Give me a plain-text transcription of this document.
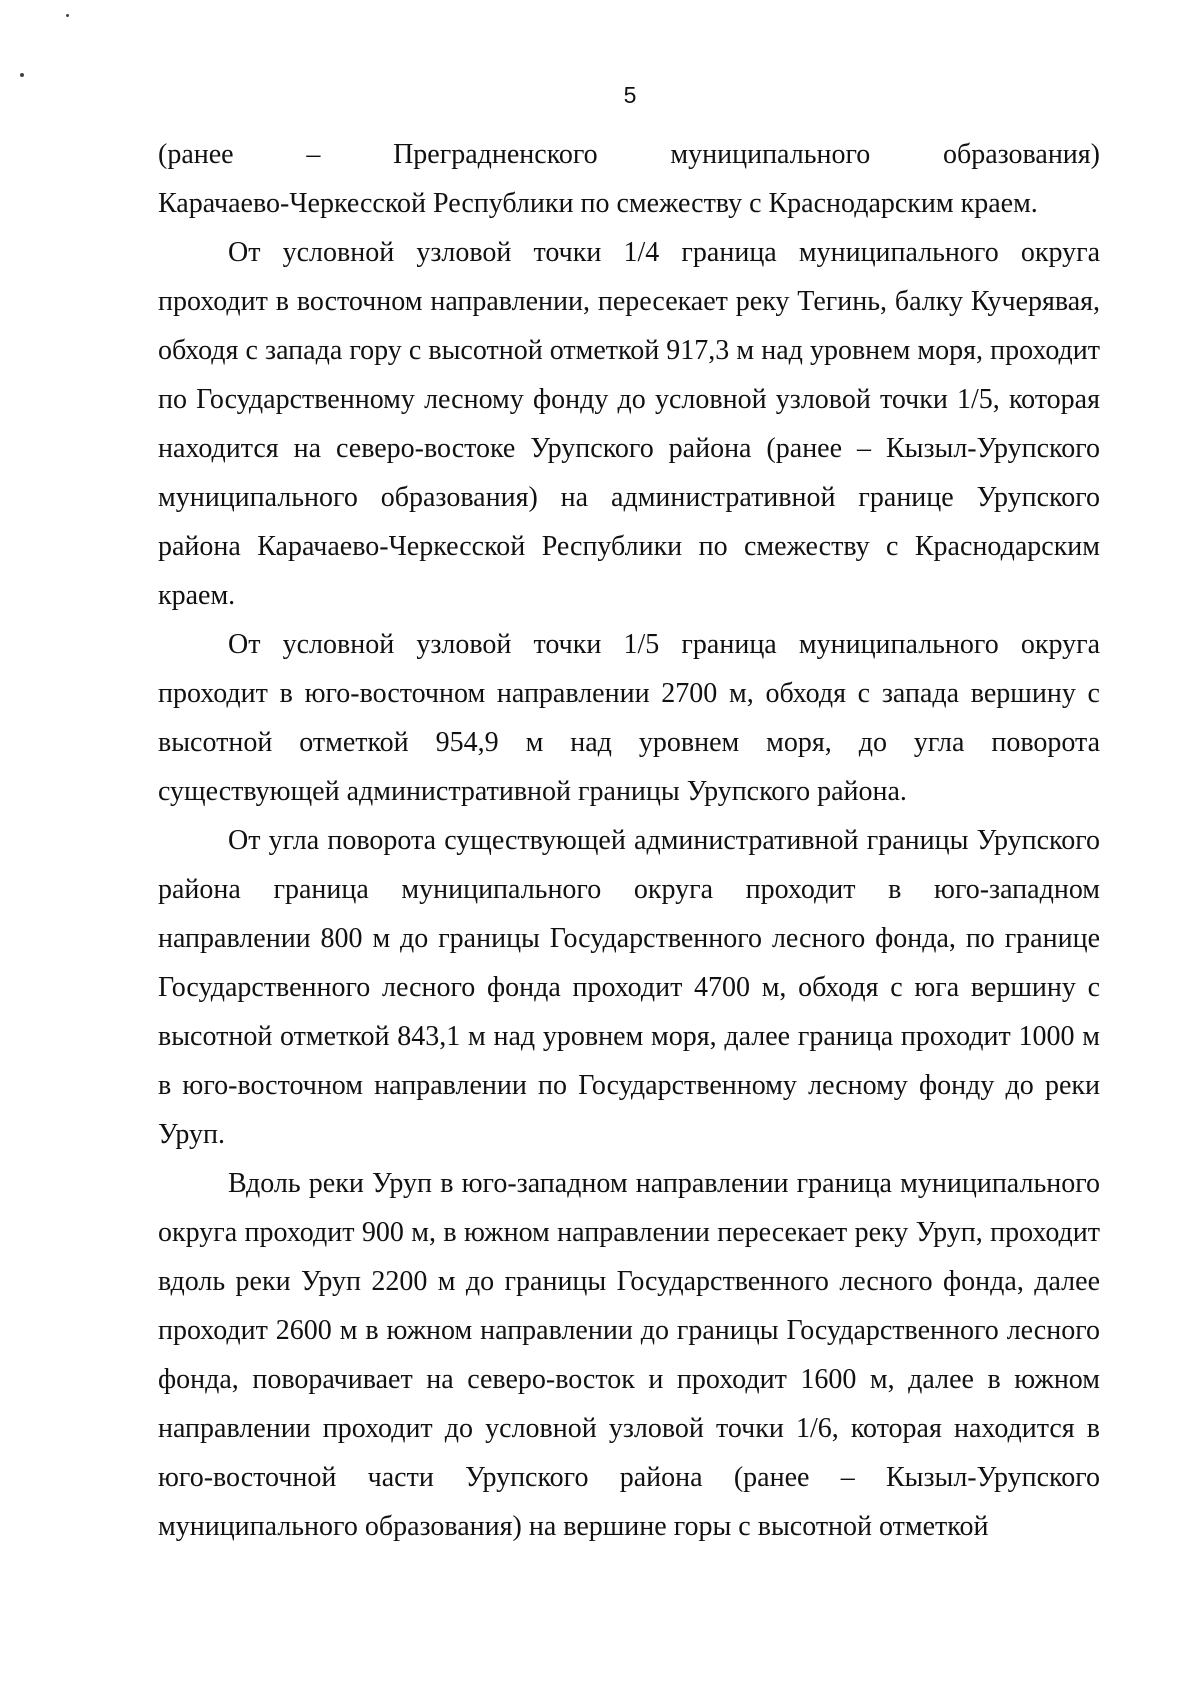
5

(ранее – Преградненского муниципального образования)
Карачаево-Черкесской Республики по смежеству с Краснодарским краем.

От условной узловой точки 1/4 граница муниципального округа
проходит в восточном направлении, пересекает реку Тегинь, балку Кучерявая,
обходя с запада гору с высотной отметкой 917,3 м над уровнем моря, проходит
по Государственному лесному фонду до условной узловой точки 1/5, которая
находится на северо-востоке Урупского района (ранее – Кызыл-Урупского
муниципального образования) на административной границе Урупского
района Карачаево-Черкесской Республики по смежеству с Краснодарским
краем.

От условной узловой точки 1/5 граница муниципального округа
проходит в юго-восточном направлении 2700 м, обходя с запада вершину с
высотной отметкой 954,9 м над уровнем моря, до угла поворота
существующей административной границы Урупского района.

От угла поворота существующей административной границы Урупского
района граница муниципального округа проходит в юго-западном
направлении 800 м до границы Государственного лесного фонда, по границе
Государственного лесного фонда проходит 4700 м, обходя с юга вершину с
высотной отметкой 843,1 м над уровнем моря, далее граница проходит 1000 м
в юго-восточном направлении по Государственному лесному фонду до реки
Уруп.

Вдоль реки Уруп в юго-западном направлении граница муниципального
округа проходит 900 м, в южном направлении пересекает реку Уруп, проходит
вдоль реки Уруп 2200 м до границы Государственного лесного фонда, далее
проходит 2600 м в южном направлении до границы Государственного лесного
фонда, поворачивает на северо-восток и проходит 1600 м, далее в южном
направлении проходит до условной узловой точки 1/6, которая находится в
юго-восточной части Урупского района (ранее – Кызыл-Урупского
муниципального образования) на вершине горы с высотной отметкой
